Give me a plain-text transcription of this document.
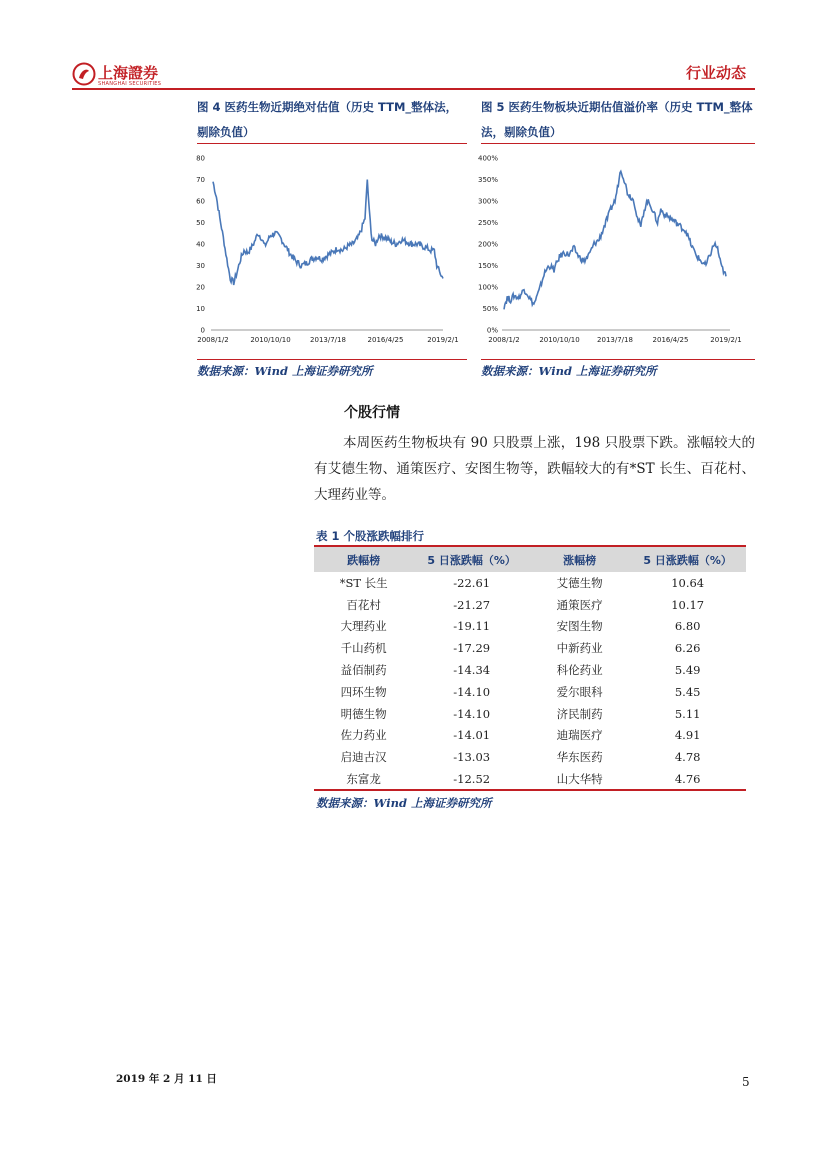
上海證券
SHANGHAI SECURITIES
行业动态
图 4 医药生物近期绝对估值（历史 TTM_整体法，剔除负值）
0
10
20
30
40
50
60
70
80
2008/1/2	2010/10/10	2013/7/18	2016/4/25	2019/2/1
数据来源：Wind 上海证券研究所
图 5 医药生物板块近期估值溢价率（历史 TTM_整体法，剔除负值）
0%
50%
100%
150%
200%
250%
300%
350%
400%
2008/1/2	2010/10/10 2013/7/18	2016/4/25	2019/2/1
数据来源：Wind 上海证券研究所
个股行情
本周医药生物板块有 90 只股票上涨，198 只股票下跌。涨幅较大的有艾德生物、通策医疗、安图生物等，跌幅较大的有*ST 长生、百花村、大理药业等。
表 1 个股涨跌幅排行
跌幅榜	5 日涨跌幅（%）	涨幅榜	5 日涨跌幅（%）
*ST 长生	-22.61	艾德生物	10.64
百花村	-21.27	通策医疗	10.17
大理药业	-19.11	安图生物	6.80
千山药机	-17.29	中新药业	6.26
益佰制药	-14.34	科伦药业	5.49
四环生物	-14.10	爱尔眼科	5.45
明德生物	-14.10	济民制药	5.11
佐力药业	-14.01	迪瑞医疗	4.91
启迪古汉	-13.03	华东医药	4.78
东富龙	-12.52	山大华特	4.76
数据来源：Wind 上海证券研究所
2019 年 2 月 11 日	5
